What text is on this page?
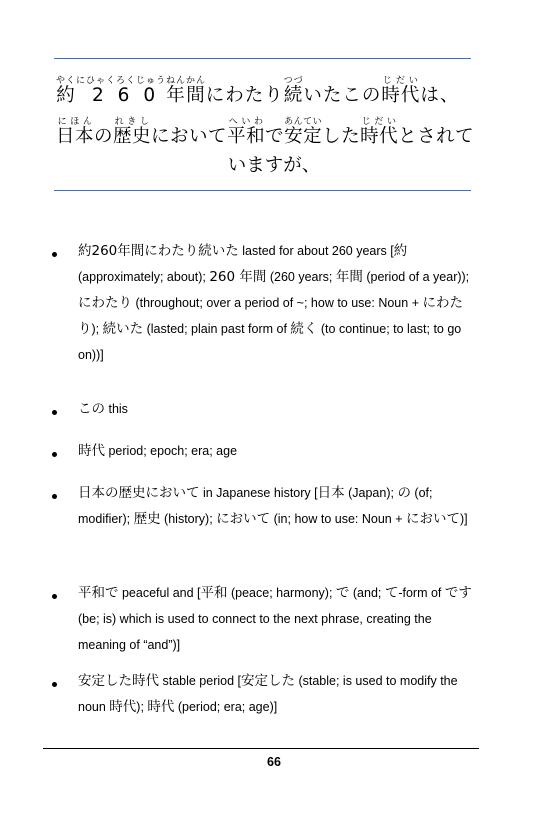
約やく 2 6 0 にひゃくろくじゅう年間ねんかんにわたり続つづいたこの時代じだいは、
日本にほんの歴史れきしにおいて平和へいわで安定あんていした時代じだいとされて
いますが、
約260年間にわたり続いた lasted for about 260 years [約 (approximately; about); 260 年間 (260 years; 年間 (period of a year)); にわたり (throughout; over a period of ~; how to use: Noun + にわたり); 続いた (lasted; plain past form of 続く (to continue; to last; to go on))]
この this
時代 period; epoch; era; age
日本の歴史において in Japanese history [日本 (Japan); の (of; modifier); 歴史 (history); において (in; how to use: Noun + において)]
平和で peaceful and [平和 (peace; harmony); で (and; て-form of です (be; is) which is used to connect to the next phrase, creating the meaning of “and”)]
安定した時代 stable period [安定した (stable; is used to modify the noun 時代); 時代 (period; era; age)]
66
